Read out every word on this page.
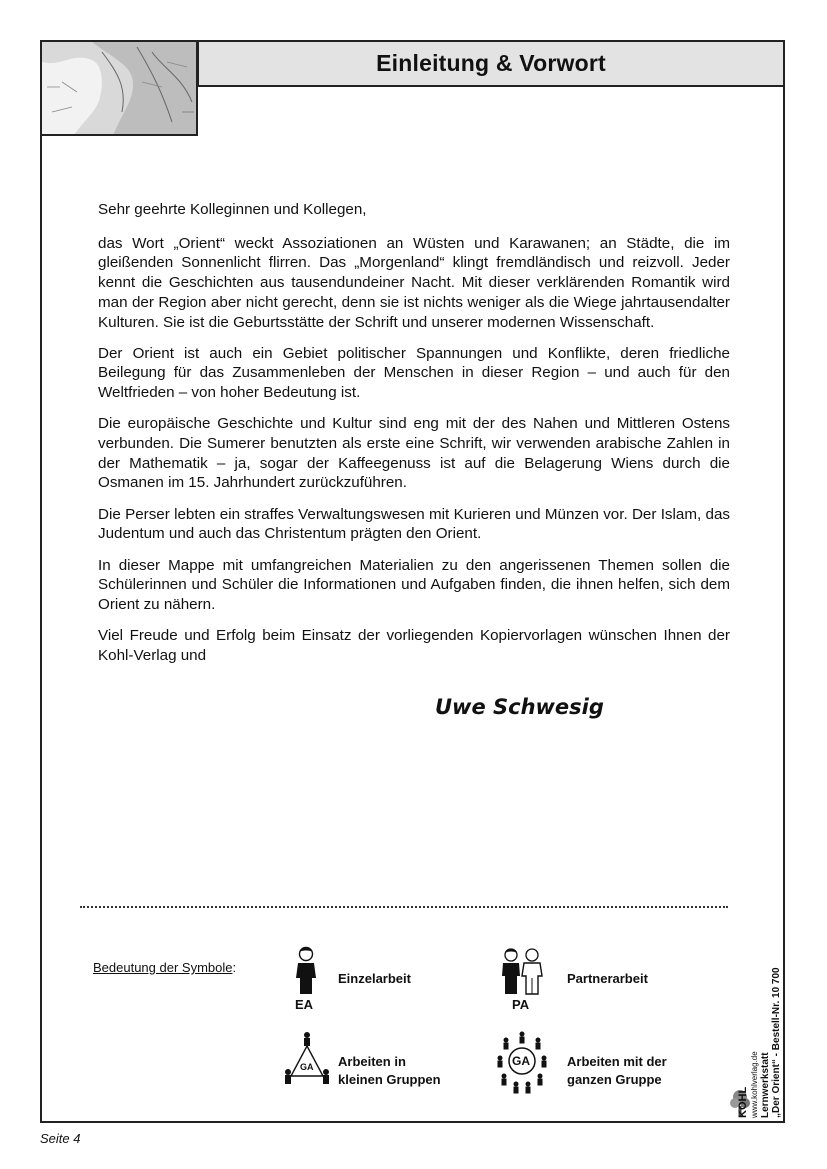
Einleitung & Vorwort

Sehr geehrte Kolleginnen und Kollegen,

das Wort „Orient“ weckt Assoziationen an Wüsten und Karawanen; an Städte, die im gleißenden Sonnenlicht flirren. Das „Morgenland“ klingt fremdländisch und reizvoll. Jeder kennt die Geschichten aus tausendundeiner Nacht. Mit dieser verklärenden Romantik wird man der Region aber nicht gerecht, denn sie ist nichts weniger als die Wiege jahrtausendalter Kulturen. Sie ist die Geburtsstätte der Schrift und unserer modernen Wissenschaft.

Der Orient ist auch ein Gebiet politischer Spannungen und Konflikte, deren friedliche Beilegung für das Zusammenleben der Menschen in dieser Region – und auch für den Weltfrieden – von hoher Bedeutung ist.

Die europäische Geschichte und Kultur sind eng mit der des Nahen und Mittleren Ostens verbunden. Die Sumerer benutzten als erste eine Schrift, wir verwenden arabische Zahlen in der Mathematik – ja, sogar der Kaffeegenuss ist auf die Belagerung Wiens durch die Osmanen im 15. Jahrhundert zurückzuführen.

Die Perser lebten ein straffes Verwaltungswesen mit Kurieren und Münzen vor. Der Islam, das Judentum und auch das Christentum prägten den Orient.

In dieser Mappe mit umfangreichen Materialien zu den angerissenen Themen sollen die Schülerinnen und Schüler die Informationen und Aufgaben finden, die ihnen helfen, sich dem Orient zu nähern.

Viel Freude und Erfolg beim Einsatz der vorliegenden Kopiervorlagen wünschen Ihnen der Kohl-Verlag und

Uwe Schwesig
Bedeutung der Symbole:
EA
Einzelarbeit
PA
Partnerarbeit
GA Arbeiten in
kleinen Gruppen
GA	Arbeiten mit der
ganzen Gruppe
KOHL www.kohlverlag.de Lernwerkstatt „Der Orient“ - Bestell-Nr. 10 700
Seite 4
